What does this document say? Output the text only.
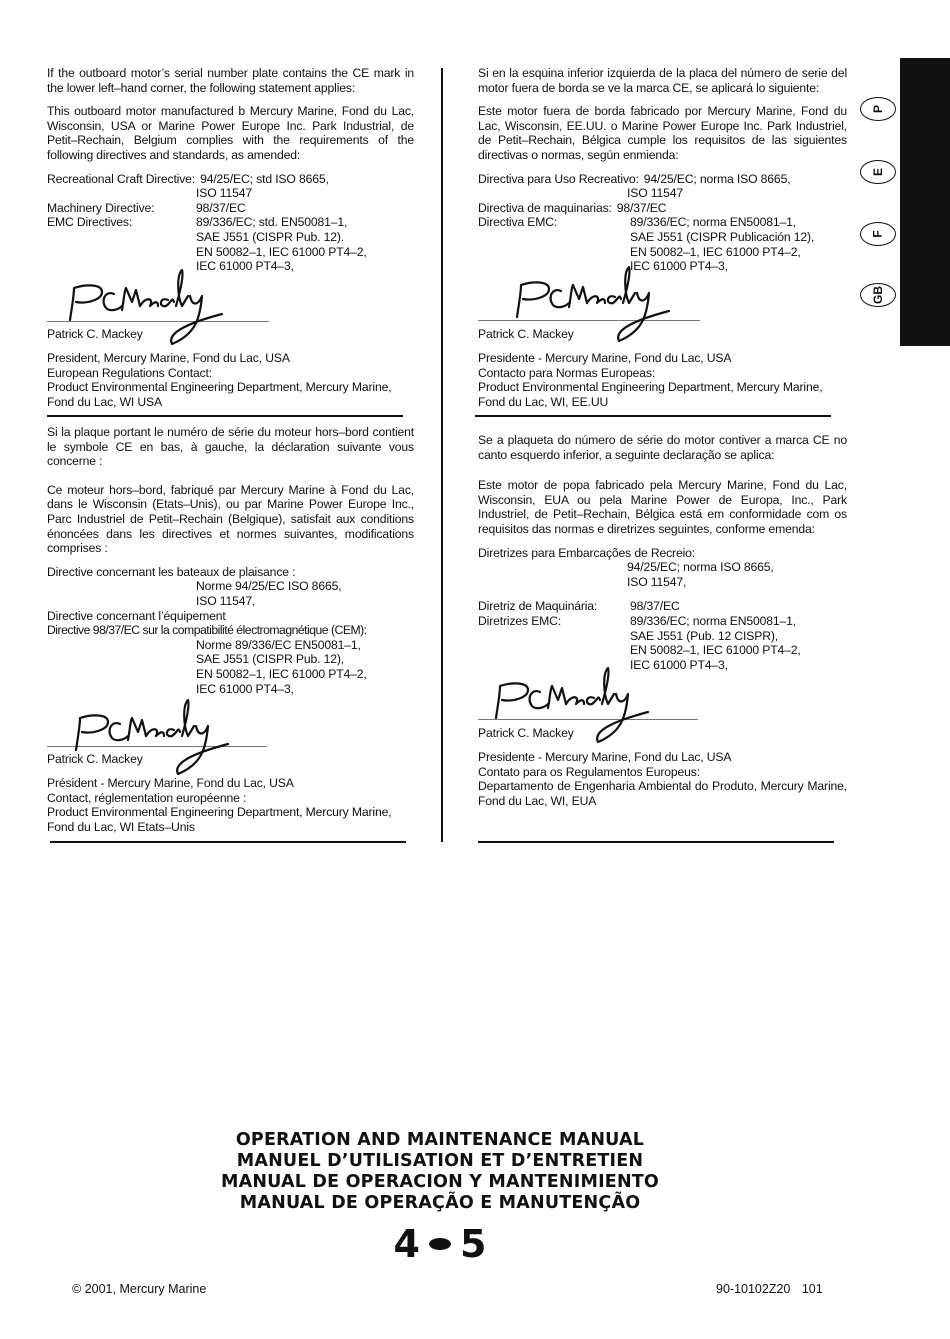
If the outboard motor’s serial number plate contains the CE mark in the lower left–hand corner, the following statement applies:

This outboard motor manufactured b Mercury Marine, Fond du Lac, Wisconsin, USA or Marine Power Europe Inc. Park Industrial, de Petit–Rechain, Belgium complies with the requirements of the following directives and standards, as amended:

Recreational Craft Directive: 94/25/EC; std ISO 8665,
ISO 11547
Machinery Directive:	98/37/EC
EMC Directives:	89/336/EC; std. EN50081–1,
SAE J551 (CISPR Pub. 12).
EN 50082–1, IEC 61000 PT4–2,
IEC 61000 PT4–3,
Patrick C. Mackey
President, Mercury Marine, Fond du Lac, USA
European Regulations Contact:
Product Environmental Engineering Department, Mercury Marine, Fond du Lac, WI USA

Si la plaque portant le numéro de série du moteur hors–bord contient le symbole CE en bas, à gauche, la déclaration suivante vous concerne :

Ce moteur hors–bord, fabriqué par Mercury Marine à Fond du Lac, dans le Wisconsin (Etats–Unis), ou par Marine Power Europe Inc., Parc Industriel de Petit–Rechain (Belgique), satisfait aux conditions énoncées dans les directives et normes suivantes, modifications comprises :

Directive concernant les bateaux de plaisance :
Norme 94/25/EC ISO 8665,
ISO 11547,
Directive concernant l’équipement
Directive 98/37/EC sur la compatibilité électromagnétique (CEM):
Norme 89/336/EC EN50081–1,
SAE J551 (CISPR Pub. 12),
EN 50082–1, IEC 61000 PT4–2,
IEC 61000 PT4–3,
Patrick C. Mackey
Président - Mercury Marine, Fond du Lac, USA
Contact, réglementation européenne :
Product Environmental Engineering Department, Mercury Marine, Fond du Lac, WI Etats–Unis

Si en la esquina inferior izquierda de la placa del número de serie del motor fuera de borda se ve la marca CE, se aplicará lo siguiente:

Este motor fuera de borda fabricado por Mercury Marine, Fond du Lac, Wisconsin, EE.UU. o Marine Power Europe Inc. Park Industriel, de Petit–Rechain, Bélgica cumple los requisitos de las siguientes directivas o normas, según enmienda:

Directiva para Uso Recreativo: 94/25/EC; norma ISO 8665,
ISO 11547
Directiva de maquinarias: 98/37/EC
Directiva EMC:	89/336/EC; norma EN50081–1,
SAE J551 (CISPR Publicación 12),
EN 50082–1, IEC 61000 PT4–2,
IEC 61000 PT4–3,
Patrick C. Mackey
Presidente - Mercury Marine, Fond du Lac, USA
Contacto para Normas Europeas:
Product Environmental Engineering Department, Mercury Marine, Fond du Lac, WI, EE.UU

Se a plaqueta do número de série do motor contiver a marca CE no canto esquerdo inferior, a seguinte declaração se aplica:

Este motor de popa fabricado pela Mercury Marine, Fond du Lac, Wisconsin, EUA ou pela Marine Power de Europa, Inc., Park Industriel, de Petit–Rechain, Bélgica está em conformidade com os requisitos das normas e diretrizes seguintes, conforme emenda:

Diretrizes para Embarcações de Recreio:
94/25/EC; norma ISO 8665,
ISO 11547,
Diretriz de Maquinária:	98/37/EC
Diretrizes EMC:	89/336/EC; norma EN50081–1,
SAE J551 (Pub. 12 CISPR),
EN 50082–1, IEC 61000 PT4–2,
IEC 61000 PT4–3,
Patrick C. Mackey
Presidente - Mercury Marine, Fond du Lac, USA
Contato para os Regulamentos Europeus:
Departamento de Engenharia Ambiental do Produto, Mercury Marine, Fond du Lac, WI, EUA
P
E
F
GB
OPERATION AND MAINTENANCE MANUAL
MANUEL D’UTILISATION ET D’ENTRETIEN
MANUAL DE OPERACION Y MANTENIMIENTO
MANUAL DE OPERAÇÃO E MANUTENÇÃO
4 5
© 2001, Mercury Marine	90-10102Z20 101
